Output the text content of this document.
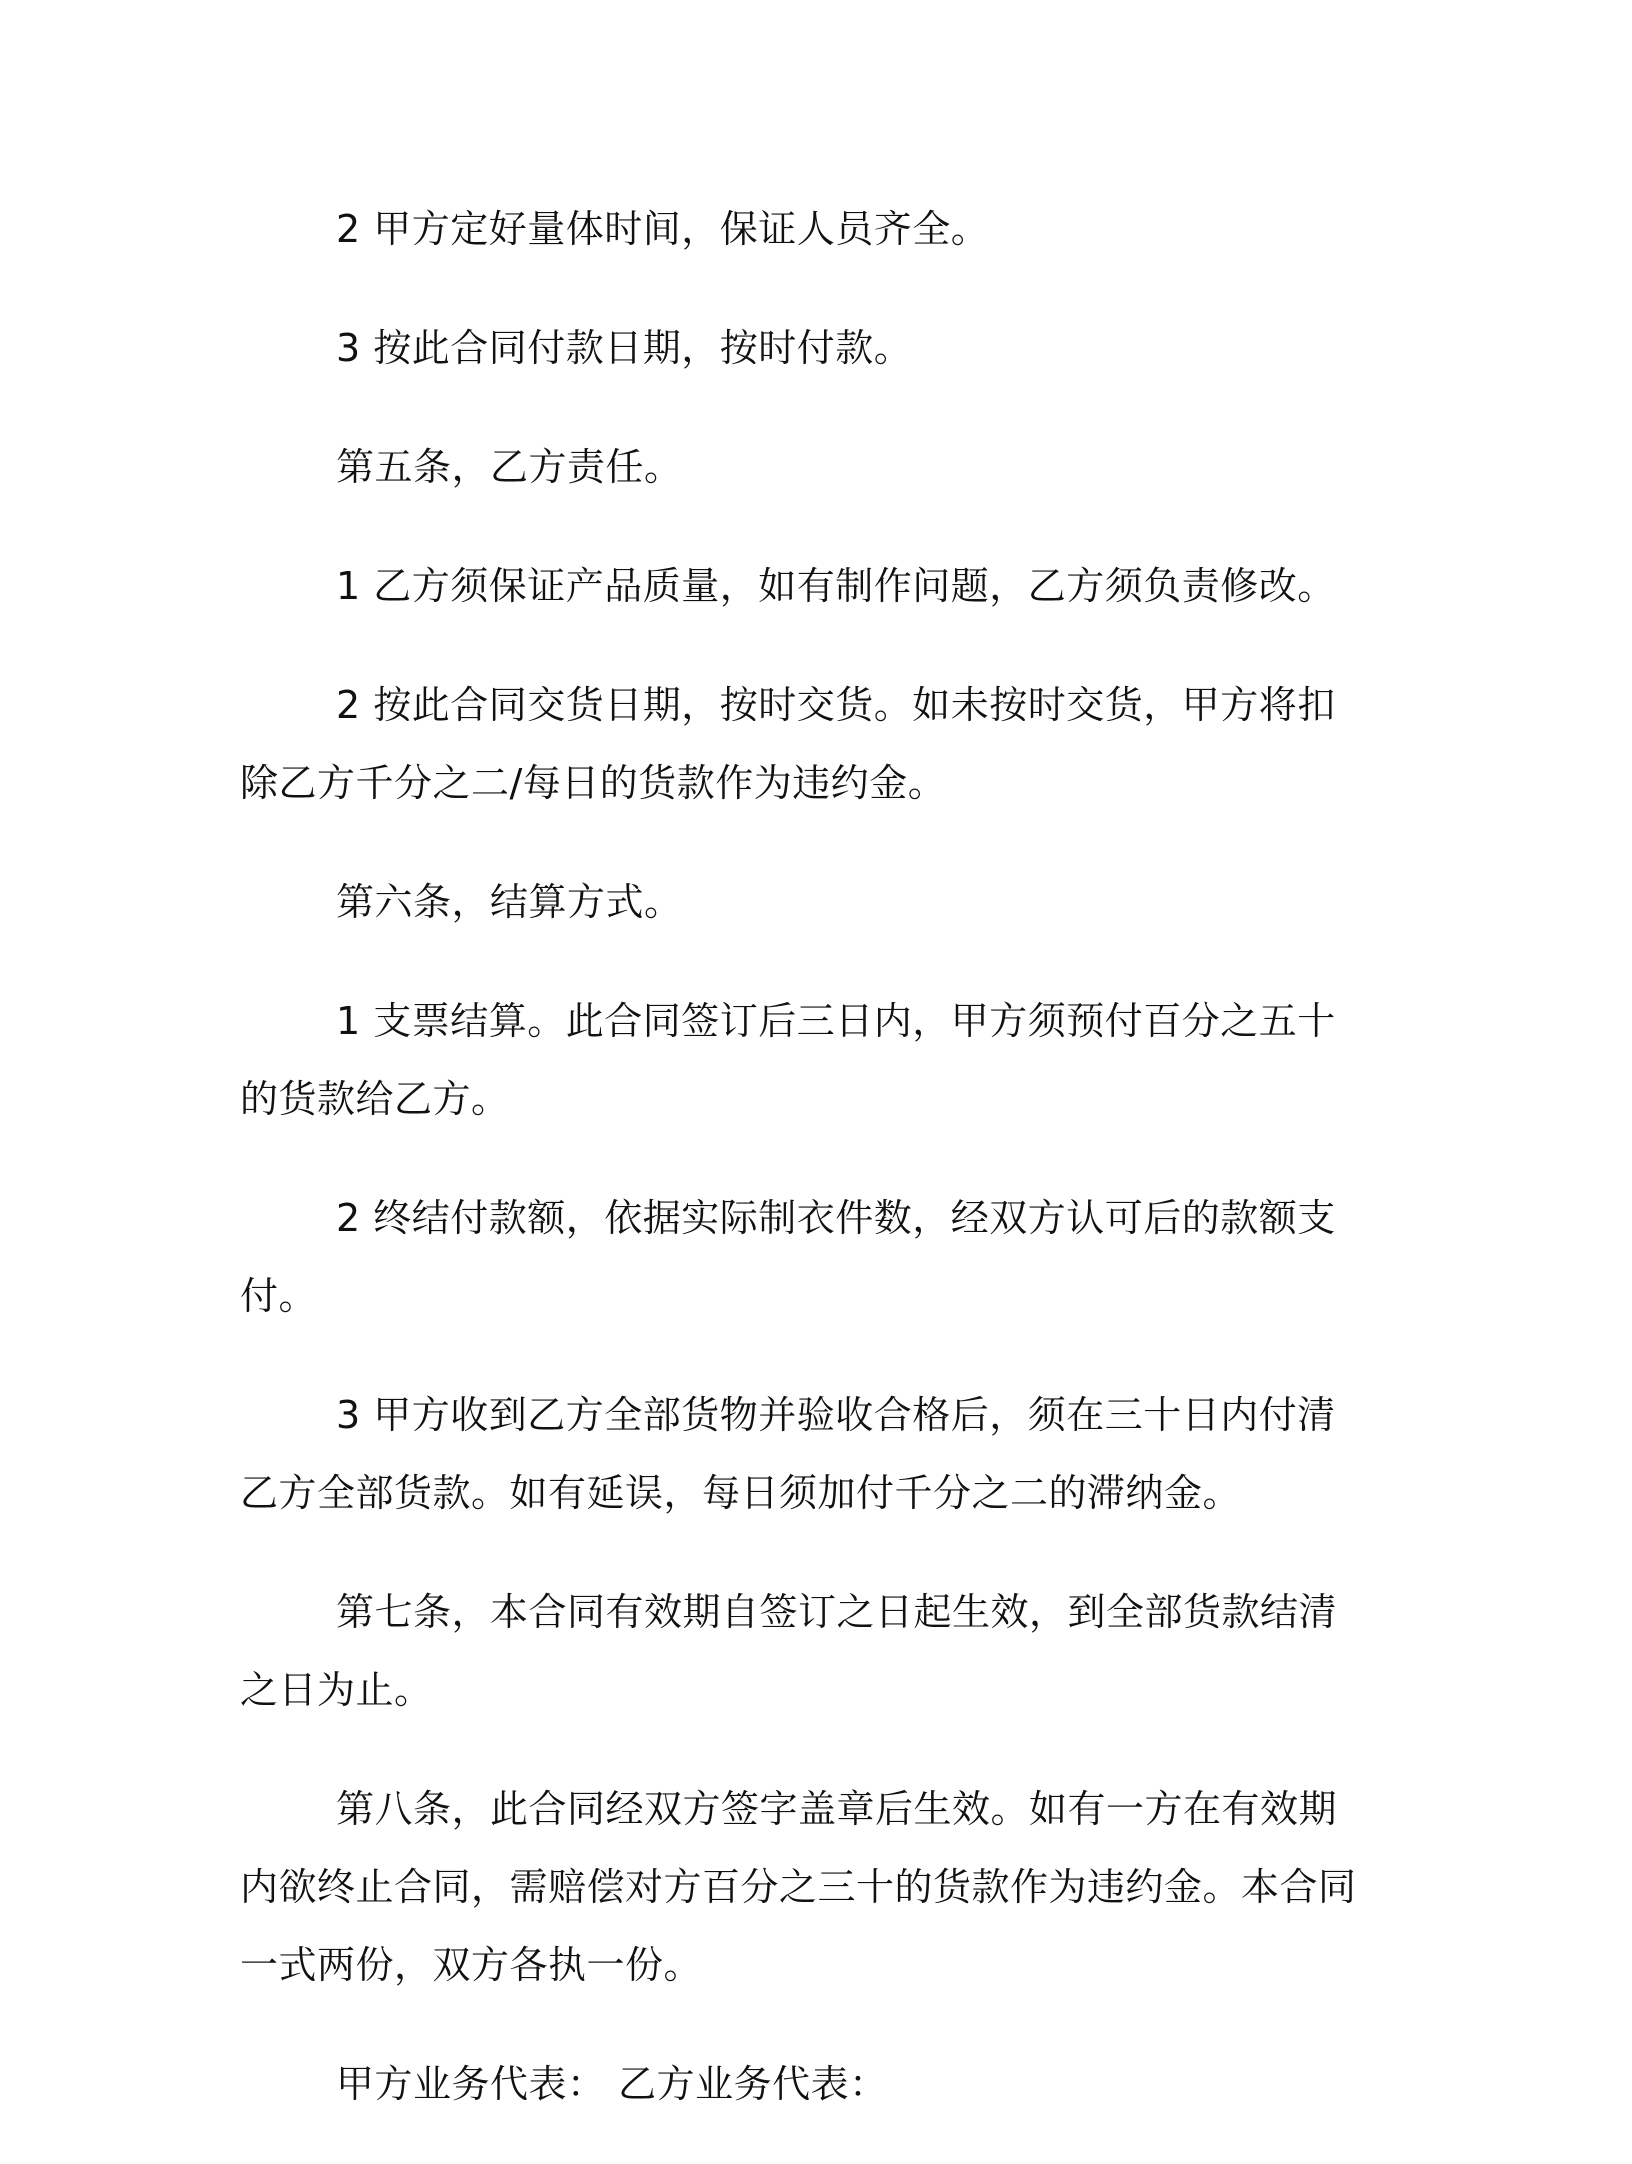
2 甲方定好量体时间，保证人员齐全。

3 按此合同付款日期，按时付款。

第五条，乙方责任。

1 乙方须保证产品质量，如有制作问题，乙方须负责修改。

2 按此合同交货日期，按时交货。如未按时交货，甲方将扣除乙方千分之二/每日的货款作为违约金。

第六条，结算方式。

1 支票结算。此合同签订后三日内，甲方须预付百分之五十的货款给乙方。

2 终结付款额，依据实际制衣件数，经双方认可后的款额支付。

3 甲方收到乙方全部货物并验收合格后，须在三十日内付清乙方全部货款。如有延误，每日须加付千分之二的滞纳金。

第七条，本合同有效期自签订之日起生效，到全部货款结清之日为止。

第八条，此合同经双方签字盖章后生效。如有一方在有效期内欲终止合同，需赔偿对方百分之三十的货款作为违约金。本合同一式两份，双方各执一份。

甲方业务代表： 乙方业务代表：
